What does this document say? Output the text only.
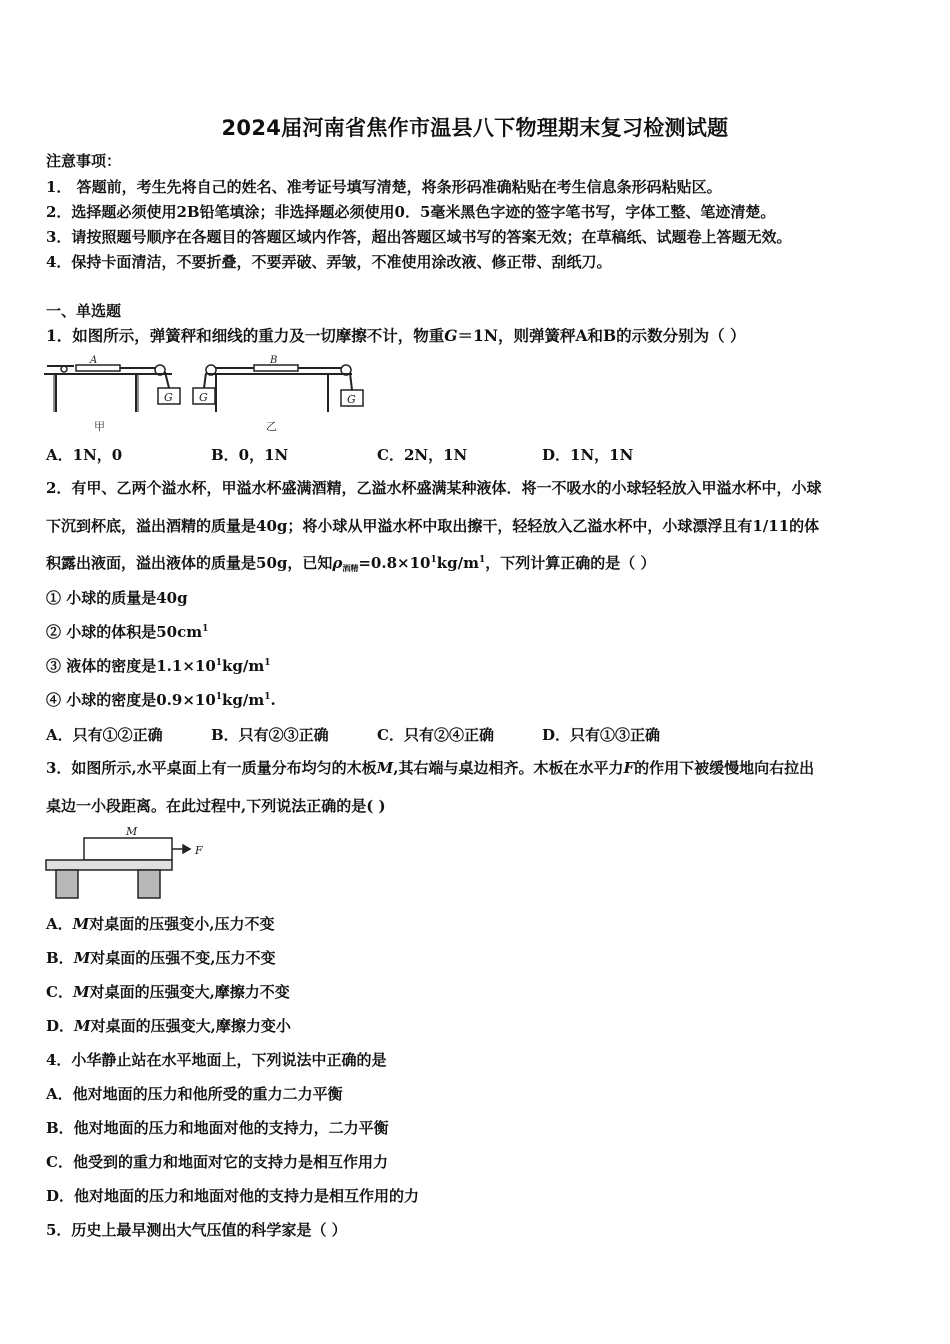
2024届河南省焦作市温县八下物理期末复习检测试题
注意事项：
1． 答题前，考生先将自己的姓名、准考证号填写清楚，将条形码准确粘贴在考生信息条形码粘贴区。
2．选择题必须使用2B铅笔填涂；非选择题必须使用0．5毫米黑色字迹的签字笔书写，字体工整、笔迹清楚。
3．请按照题号顺序在各题目的答题区域内作答，超出答题区域书写的答案无效；在草稿纸、试题卷上答题无效。
4．保持卡面清洁，不要折叠，不要弄破、弄皱，不准使用涂改液、修正带、刮纸刀。
一、单选题
1．如图所示，弹簧秤和细线的重力及一切摩擦不计，物重G＝1N，则弹簧秤A和B的示数分别为（ ）
A	B
G G	G
甲	乙
A．1N，0	B．0，1N	C．2N，1N	D．1N，1N
2．有甲、乙两个溢水杯，甲溢水杯盛满酒精，乙溢水杯盛满某种液体．将一不吸水的小球轻轻放入甲溢水杯中，小球
下沉到杯底，溢出酒精的质量是40g；将小球从甲溢水杯中取出擦干，轻轻放入乙溢水杯中，小球漂浮且有1/11的体
积露出液面，溢出液体的质量是50g，已知$\rho_{酒精}=0.8\times 10^1kg/m^1$，下列计算正确的是（ ）
① 小球的质量是40g
② 小球的体积是$50cm^1$
③ 液体的密度是$1.1\times 10^1kg/m^1$
④ 小球的密度是$0.9\times 10^1kg/m^1$.
A．只有①②正确	B．只有②③正确	C．只有②④正确	D．只有①③正确
3．如图所示,水平桌面上有一质量分布均匀的木板M,其右端与桌边相齐。木板在水平力F的作用下被缓慢地向右拉出
桌边一小段距离。在此过程中,下列说法正确的是( )
M
F
A．M对桌面的压强变小,压力不变
B．M对桌面的压强不变,压力不变
C．M对桌面的压强变大,摩擦力不变
D．M对桌面的压强变大,摩擦力变小
4．小华静止站在水平地面上，下列说法中正确的是
A．他对地面的压力和他所受的重力二力平衡
B．他对地面的压力和地面对他的支持力，二力平衡
C．他受到的重力和地面对它的支持力是相互作用力
D．他对地面的压力和地面对他的支持力是相互作用的力
5．历史上最早测出大气压值的科学家是（ ）
